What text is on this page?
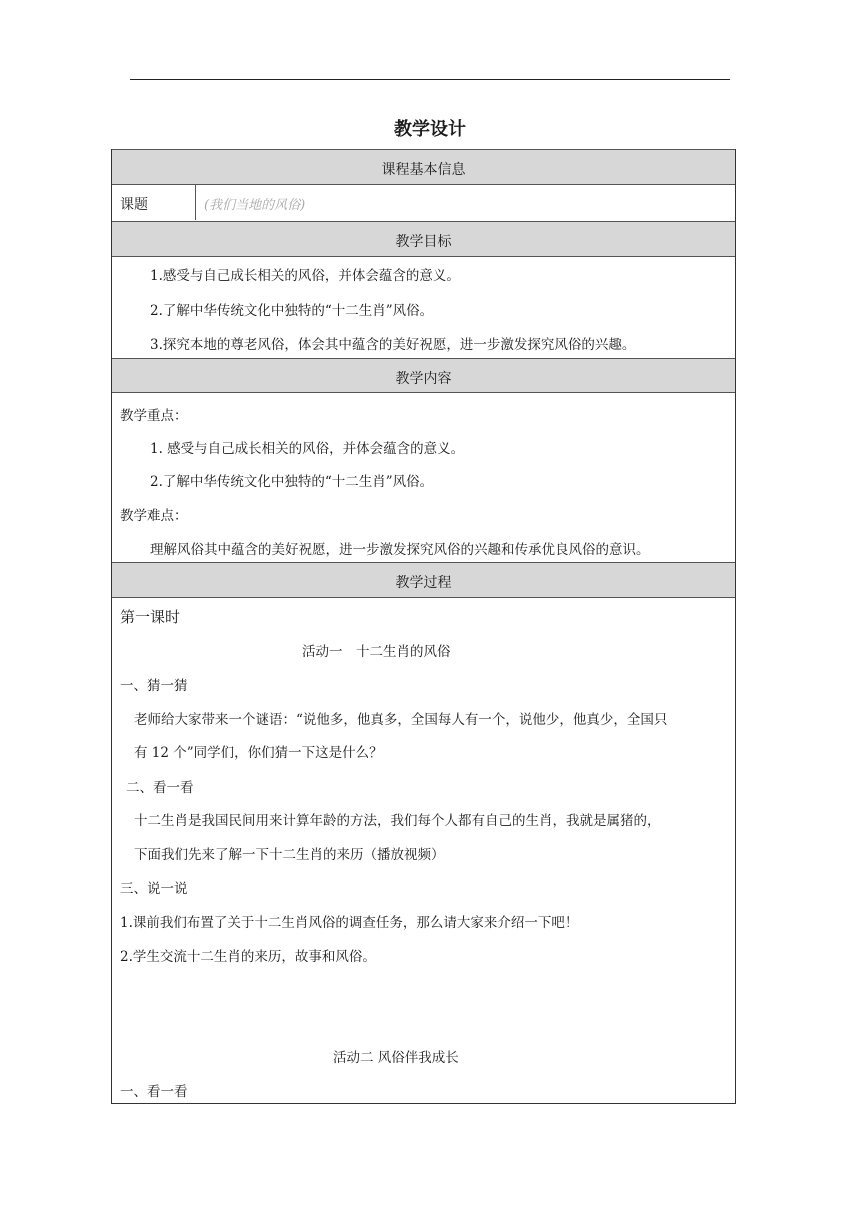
教学设计
课程基本信息
课题	(我们当地的风俗)
教学目标
1.感受与自己成长相关的风俗，并体会蕴含的意义。
2.了解中华传统文化中独特的“十二生肖”风俗。
3.探究本地的尊老风俗，体会其中蕴含的美好祝愿，进一步激发探究风俗的兴趣。
教学内容
教学重点：
1. 感受与自己成长相关的风俗，并体会蕴含的意义。
2.了解中华传统文化中独特的“十二生肖”风俗。
教学难点：
理解风俗其中蕴含的美好祝愿，进一步激发探究风俗的兴趣和传承优良风俗的意识。
教学过程
第一课时
活动一　十二生肖的风俗
一、猜一猜
老师给大家带来一个谜语：“说他多，他真多，全国每人有一个，说他少，他真少，全国只
有 12 个”同学们，你们猜一下这是什么？
二、看一看
十二生肖是我国民间用来计算年龄的方法，我们每个人都有自己的生肖，我就是属猪的，
下面我们先来了解一下十二生肖的来历（播放视频）
三、说一说
1.课前我们布置了关于十二生肖风俗的调查任务，那么请大家来介绍一下吧！
2.学生交流十二生肖的来历，故事和风俗。
活动二 风俗伴我成长
一、看一看
